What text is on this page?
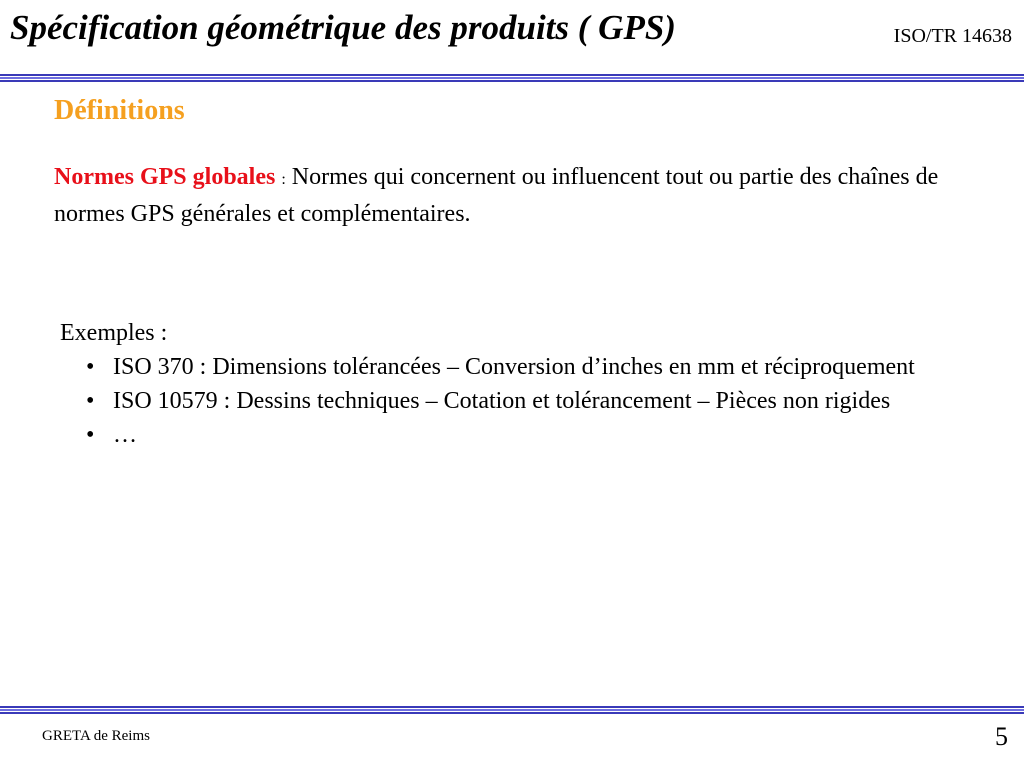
Spécification géométrique des produits ( GPS)	ISO/TR 14638
Définitions
Normes GPS globales : Normes qui concernent ou influencent tout ou partie des chaînes de normes GPS générales et complémentaires.
Exemples :
• ISO 370 : Dimensions tolérancées – Conversion d’inches en mm et réciproquement
• ISO 10579 : Dessins techniques – Cotation et tolérancement – Pièces non rigides
• …
GRETA de Reims	5
